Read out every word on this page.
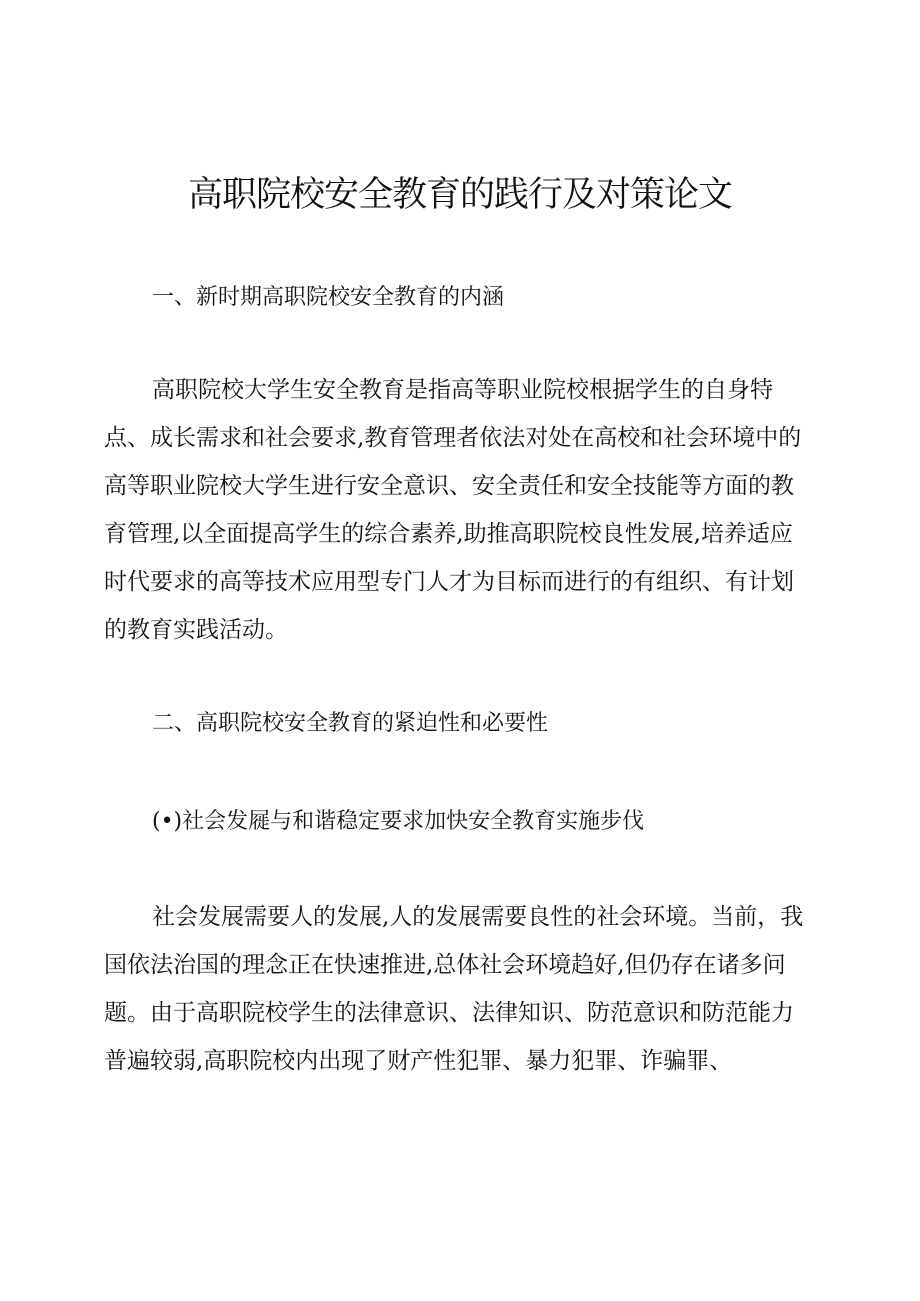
高职院校安全教育的践行及对策论文
一、新时期高职院校安全教育的内涵
高职院校大学生安全教育是指高等职业院校根据学生的自身特
点、成长需求和社会要求,教育管理者依法对处在高校和社会环境中的
高等职业院校大学生进行安全意识、安全责任和安全技能等方面的教
育管理,以全面提高学生的综合素养,助推高职院校良性发展,培养适应
时代要求的高等技术应用型专门人才为目标而进行的有组织、有计划
的教育实践活动。
二、高职院校安全教育的紧迫性和必要性
(•)社会发屣与和谐稳定要求加快安全教育实施步伐
社会发展需要人的发展,人的发展需要良性的社会环境。当前，我
国依法治国的理念正在快速推进,总体社会环境趋好,但仍存在诸多问
题。由于高职院校学生的法律意识、法律知识、防范意识和防范能力
普遍较弱,高职院校内出现了财产性犯罪、暴力犯罪、诈骗罪、
